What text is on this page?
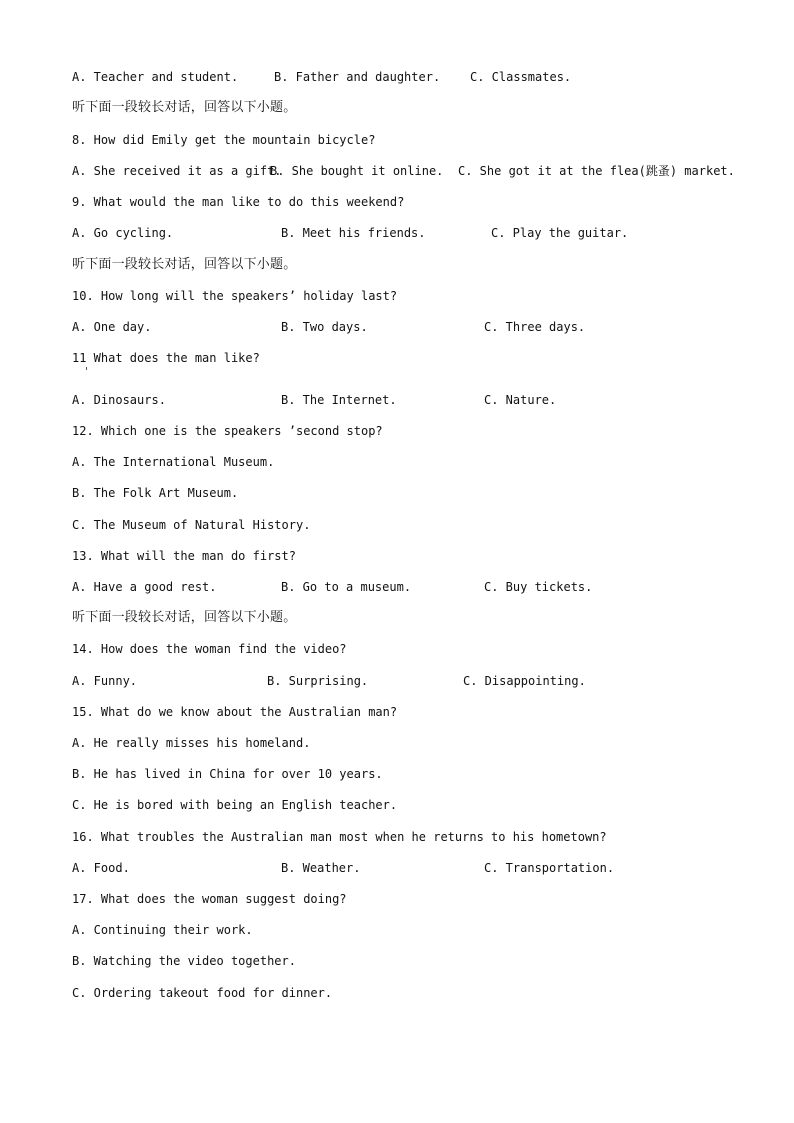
A. Teacher and student.

	B. Father and daughter.

C. Classmates.

听下面一段较长对话，回答以下小题。
8. How did Emily get the mountain bicycle?

A. She received it as a gift.

B. She bought it online.

C. She got it at the flea(跳蚤) market.

9. What would the man like to do this weekend?

A. Go cycling.

	B. Meet his friends.

	C. Play the guitar.

听下面一段较长对话，回答以下小题。
10. How long will the speakers’ holiday last?

A. One day.

	B. Two days.

	C. Three days.

11 What does the man like?

A. Dinosaurs.

	B. The Internet.

	C. Nature.

12. Which one is the speakers ’second stop?
A. The International Museum.
B. The Folk Art Museum.
C. The Museum of Natural History.
13. What will the man do first?

A. Have a good rest.

	B. Go to a museum.

	C. Buy tickets.

听下面一段较长对话，回答以下小题。
14. How does the woman find the video?

A. Funny.

	B. Surprising.

	C. Disappointing.

15. What do we know about the Australian man?
A. He really misses his homeland.
B. He has lived in China for over 10 years.
C. He is bored with being an English teacher.
16. What troubles the Australian man most when he returns to his hometown?

A. Food.

	B. Weather.

	C. Transportation.

17. What does the woman suggest doing?
A. Continuing their work.
B. Watching the video together.
C. Ordering takeout food for dinner.
